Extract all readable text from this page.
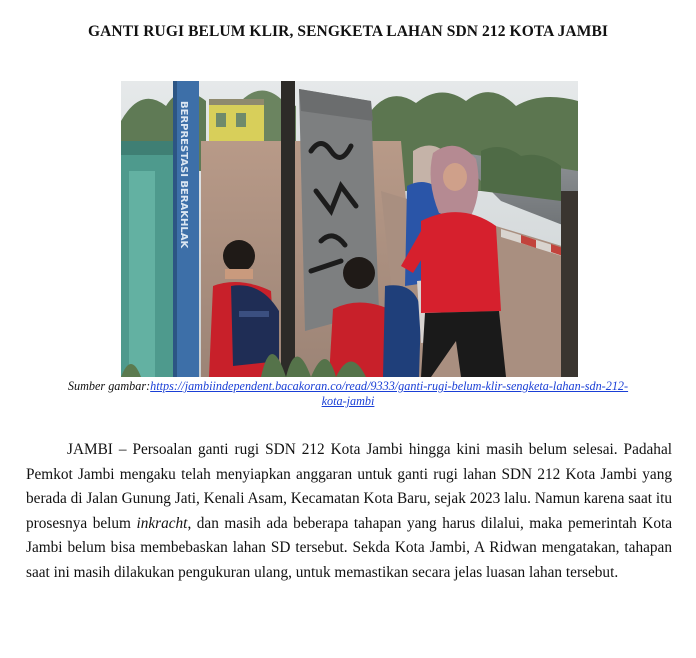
GANTI RUGI BELUM KLIR, SENGKETA LAHAN SDN 212 KOTA JAMBI
BERPRESTASI BERAKHLAK
Sumber gambar:https://jambiindependent.bacakoran.co/read/9333/ganti-rugi-belum-klir-sengketa-lahan-sdn-212-kota-jambi

JAMBI – Persoalan ganti rugi SDN 212 Kota Jambi hingga kini masih belum selesai. Padahal Pemkot Jambi mengaku telah menyiapkan anggaran untuk ganti rugi lahan SDN 212 Kota Jambi yang berada di Jalan Gunung Jati, Kenali Asam, Kecamatan Kota Baru, sejak 2023 lalu. Namun karena saat itu prosesnya belum inkracht, dan masih ada beberapa tahapan yang harus dilalui, maka pemerintah Kota Jambi belum bisa membebaskan lahan SD tersebut. Sekda Kota Jambi, A Ridwan mengatakan, tahapan saat ini masih dilakukan pengukuran ulang, untuk memastikan secara jelas luasan lahan tersebut.
